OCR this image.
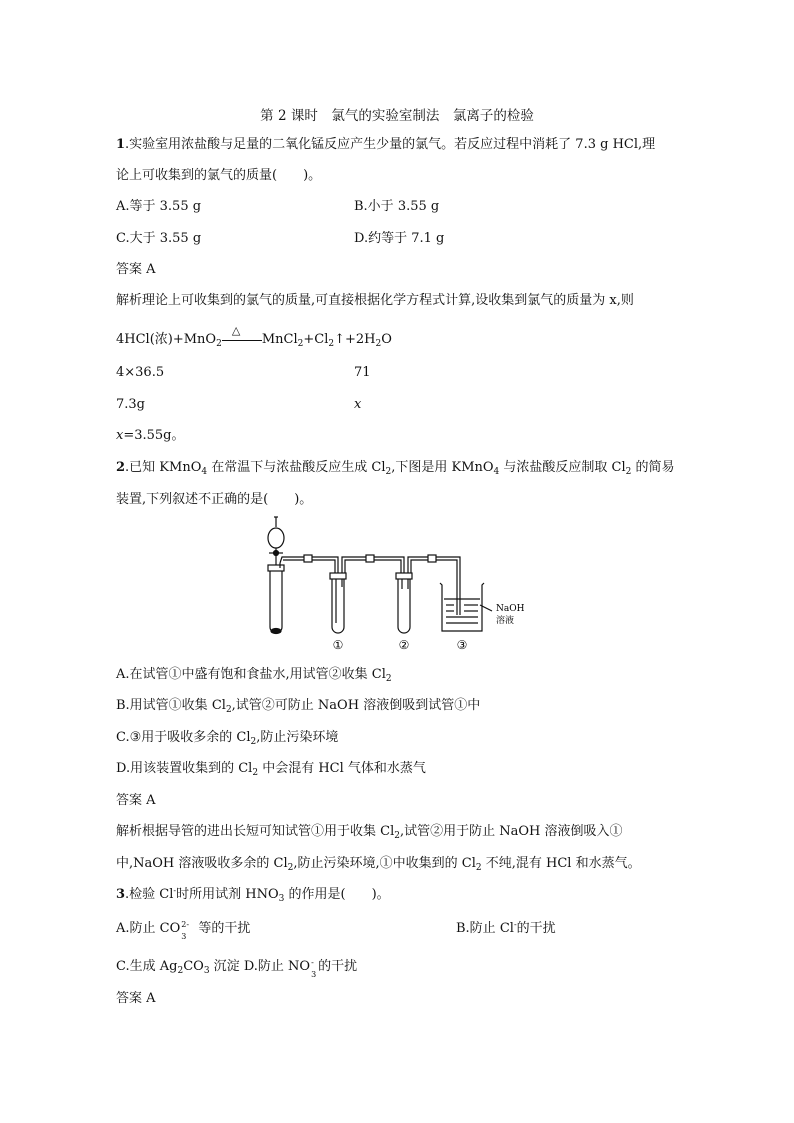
第 2 课时　氯气的实验室制法　氯离子的检验
1.实验室用浓盐酸与足量的二氧化锰反应产生少量的氯气。若反应过程中消耗了 7.3 g HCl,理
论上可收集到的氯气的质量(　　)。
A.等于 3.55 g	B.小于 3.55 g
C.大于 3.55 g	D.约等于 7.1 g
答案 A
解析理论上可收集到的氯气的质量,可直接根据化学方程式计算,设收集到氯气的质量为 x,则
4HCl(浓)+MnO$_2$
△
$MnCl_2+Cl_2↑+2H_2O$
4×36.5	71
7.3g	x
x=3.55g。
2.已知 KMnO$_4$ 在常温下与浓盐酸反应生成 $Cl_2$,下图是用 KMnO$_4$ 与浓盐酸反应制取 $Cl_2$ 的简易
装置,下列叙述不正确的是(　　)。
①	②	③
NaOH
溶液
A.在试管①中盛有饱和食盐水,用试管②收集 $Cl_2$
B.用试管①收集 $Cl_2$,试管②可防止 NaOH 溶液倒吸到试管①中
C.③用于吸收多余的 $Cl_2$,防止污染环境
D.用该装置收集到的 $Cl_2$ 中会混有 HCl 气体和水蒸气
答案 A
解析根据导管的进出长短可知试管①用于收集 $Cl_2$,试管②用于防止 NaOH 溶液倒吸入①
中,NaOH 溶液吸收多余的 $Cl_2$,防止污染环境,①中收集到的 $Cl_2$ 不纯,混有 HCl 和水蒸气。
3.检验 Cl-时所用试剂 $HNO_3$ 的作用是(　　)。
A.防止 CO 2-
3 等的干扰	B.防止 Cl-的干扰
C.生成 $Ag_2CO_3$ 沉淀 D.防止 NO -
3 的干扰
答案 A
